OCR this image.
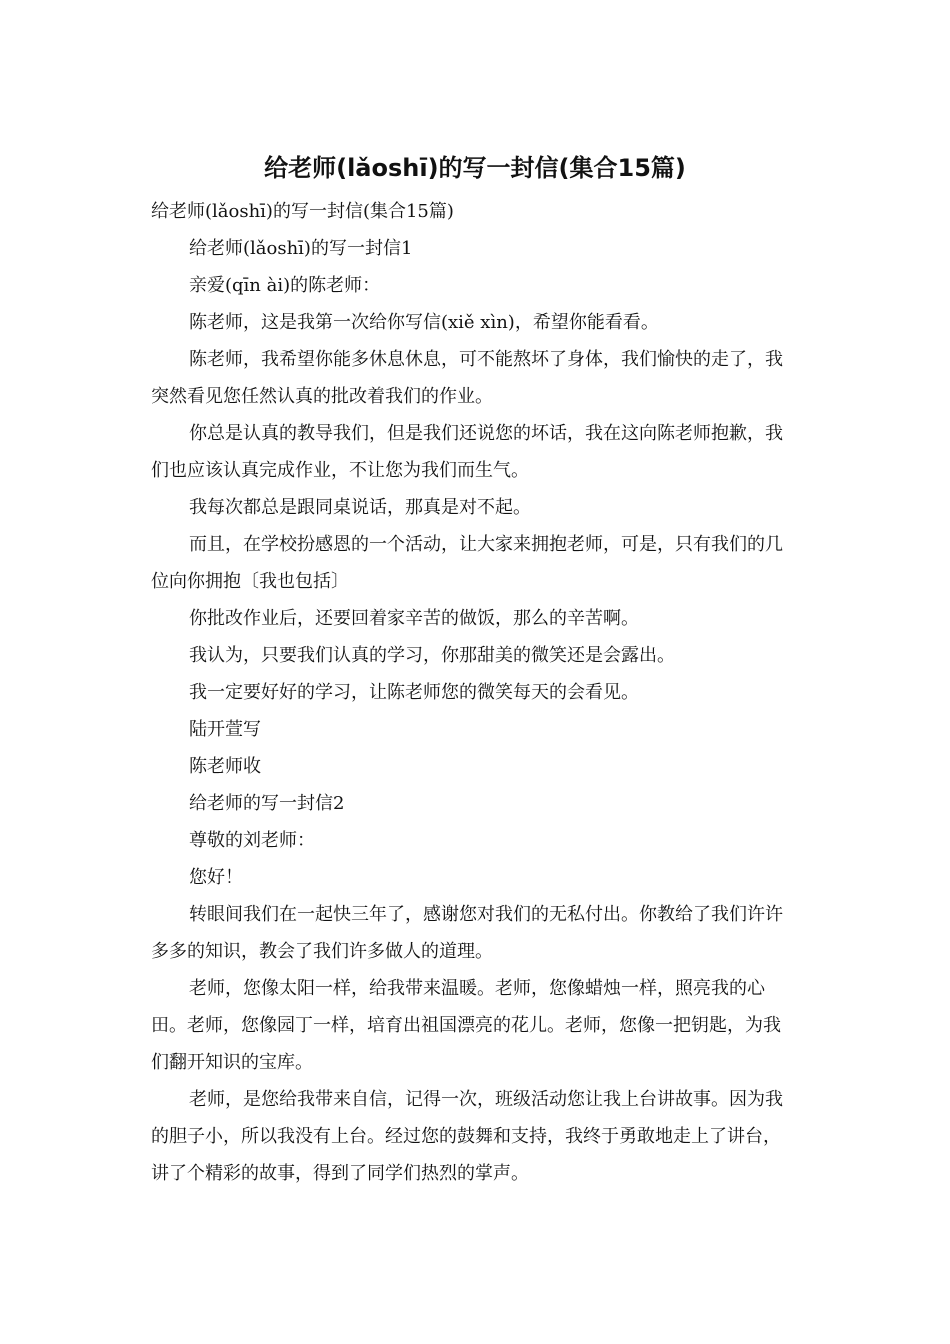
给老师(lǎoshī)的写一封信(集合15篇)

给老师(lǎoshī)的写一封信(集合15篇)

给老师(lǎoshī)的写一封信1

亲爱(qīn ài)的陈老师：

陈老师，这是我第一次给你写信(xiě xìn)，希望你能看看。

陈老师，我希望你能多休息休息，可不能熬坏了身体，我们愉快的走了，我突然看见您任然认真的批改着我们的作业。

你总是认真的教导我们，但是我们还说您的坏话，我在这向陈老师抱歉，我们也应该认真完成作业，不让您为我们而生气。

我每次都总是跟同桌说话，那真是对不起。

而且，在学校扮感恩的一个活动，让大家来拥抱老师，可是，只有我们的几位向你拥抱〔我也包括〕

你批改作业后，还要回着家辛苦的做饭，那么的辛苦啊。

我认为，只要我们认真的学习，你那甜美的微笑还是会露出。

我一定要好好的学习，让陈老师您的微笑每天的会看见。

陆开萱写

陈老师收

给老师的写一封信2

尊敬的刘老师：

您好！

转眼间我们在一起快三年了，感谢您对我们的无私付出。你教给了我们许许多多的知识，教会了我们许多做人的道理。

老师，您像太阳一样，给我带来温暖。老师，您像蜡烛一样，照亮我的心田。老师，您像园丁一样，培育出祖国漂亮的花儿。老师，您像一把钥匙，为我们翻开知识的宝库。

老师，是您给我带来自信，记得一次，班级活动您让我上台讲故事。因为我的胆子小，所以我没有上台。经过您的鼓舞和支持，我终于勇敢地走上了讲台，讲了个精彩的故事，得到了同学们热烈的掌声。
